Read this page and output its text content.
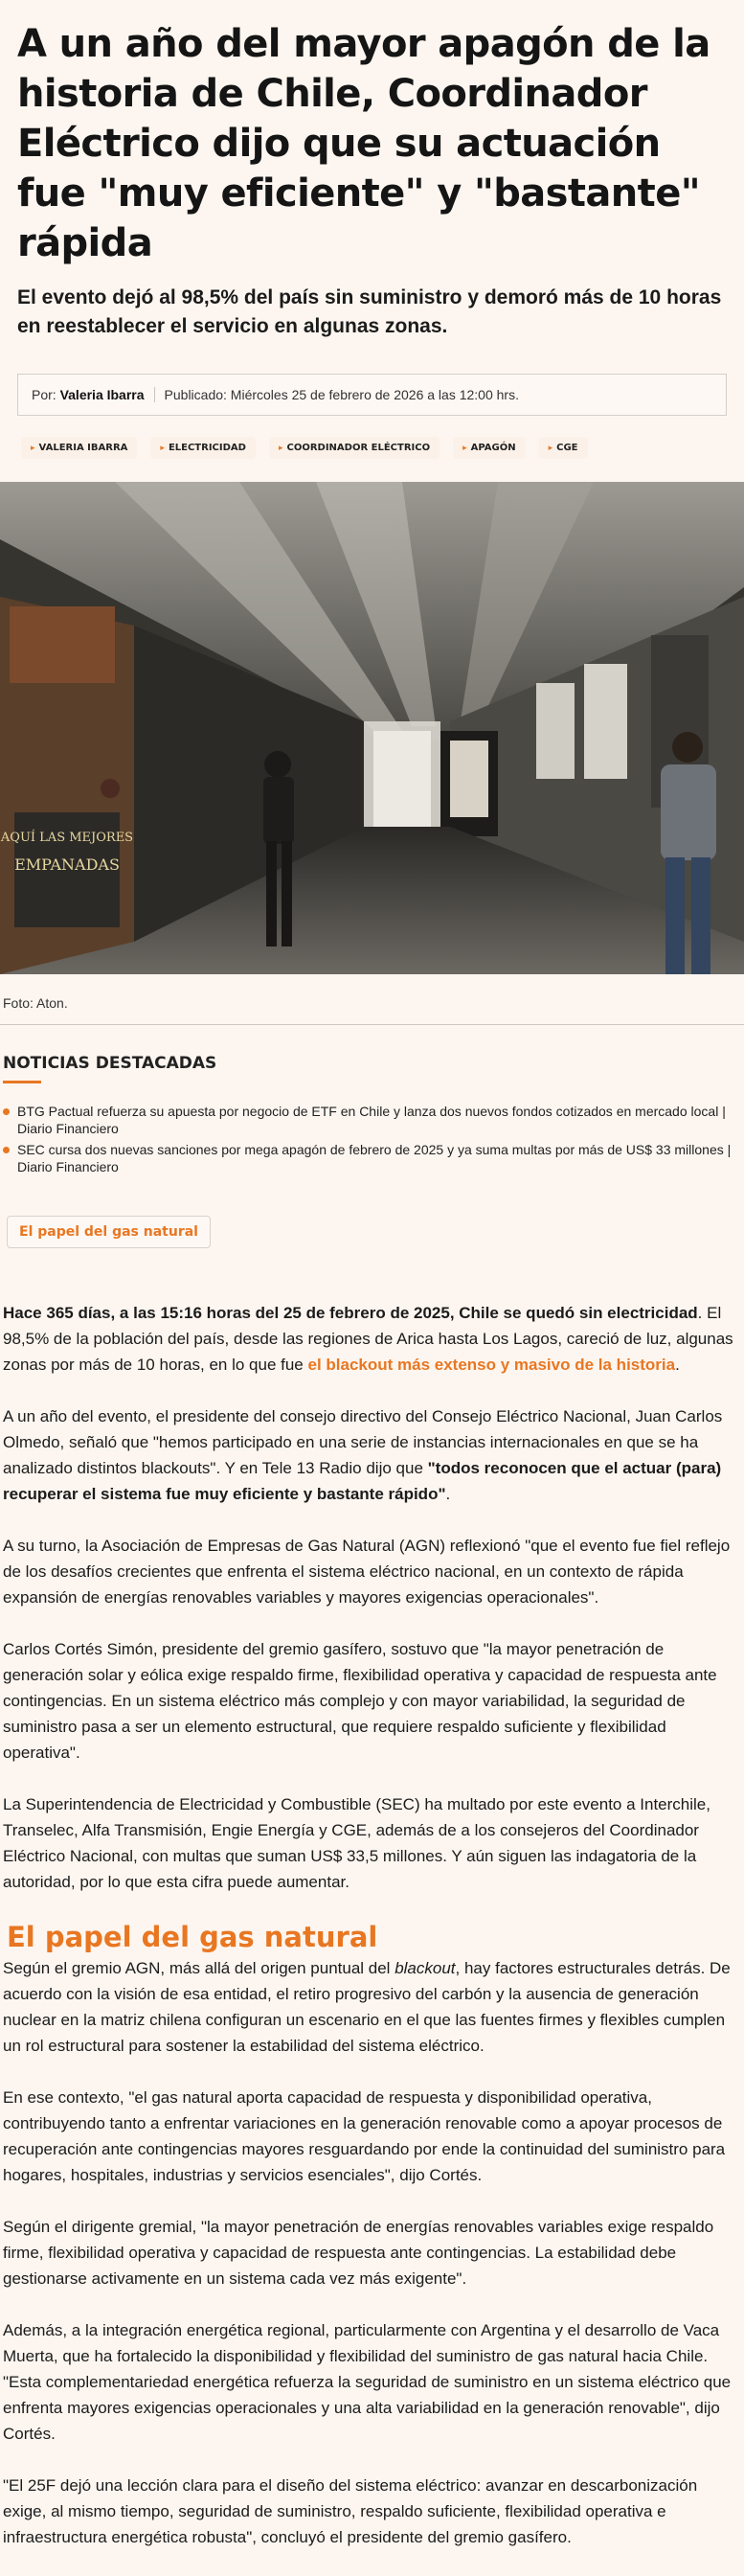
A un año del mayor apagón de la historia de Chile, Coordinador Eléctrico dijo que su actuación fue "muy eficiente" y "bastante" rápida

El evento dejó al 98,5% del país sin suministro y demoró más de 10 horas en reestablecer el servicio en algunas zonas.

Por:
Valeria Ibarra Publicado: Miércoles 25 de febrero de 2026 a las 12:00 hrs.
▸ VALERIA IBARRA	▸ ELECTRICIDAD	▸ COORDINADOR ELÉCTRICO	▸ APAGÓN	▸ CGE
AQUÍ LAS MEJORES
EMPANADAS

Foto: Aton.

NOTICIAS DESTACADAS
BTG Pactual refuerza su apuesta por negocio de ETF en Chile y lanza dos nuevos fondos cotizados en mercado local | Diario Financiero
SEC cursa dos nuevas sanciones por mega apagón de febrero de 2025 y ya suma multas por más de US$ 33 millones | Diario Financiero
El papel del gas natural

Hace 365 días, a las 15:16 horas del 25 de febrero de 2025, Chile se quedó sin electricidad. El 98,5% de la población del país, desde las regiones de Arica hasta Los Lagos, careció de luz, algunas zonas por más de 10 horas, en lo que fue el blackout más extenso y masivo de la historia.

A un año del evento, el presidente del consejo directivo del Consejo Eléctrico Nacional, Juan Carlos Olmedo, señaló que "hemos participado en una serie de instancias internacionales en que se ha analizado distintos blackouts". Y en Tele 13 Radio dijo que "todos reconocen que el actuar (para) recuperar el sistema fue muy eficiente y bastante rápido".

A su turno, la Asociación de Empresas de Gas Natural (AGN) reflexionó "que el evento fue fiel reflejo de los desafíos crecientes que enfrenta el sistema eléctrico nacional, en un contexto de rápida expansión de energías renovables variables y mayores exigencias operacionales".

Carlos Cortés Simón, presidente del gremio gasífero, sostuvo que "la mayor penetración de generación solar y eólica exige respaldo firme, flexibilidad operativa y capacidad de respuesta ante contingencias. En un sistema eléctrico más complejo y con mayor variabilidad, la seguridad de suministro pasa a ser un elemento estructural, que requiere respaldo suficiente y flexibilidad operativa".

La Superintendencia de Electricidad y Combustible (SEC) ha multado por este evento a Interchile, Transelec, Alfa Transmisión, Engie Energía y CGE, además de a los consejeros del Coordinador Eléctrico Nacional, con multas que suman US$ 33,5 millones. Y aún siguen las indagatoria de la autoridad, por lo que esta cifra puede aumentar.

El papel del gas natural

Según el gremio AGN, más allá del origen puntual del blackout, hay factores estructurales detrás. De acuerdo con la visión de esa entidad, el retiro progresivo del carbón y la ausencia de generación nuclear en la matriz chilena configuran un escenario en el que las fuentes firmes y flexibles cumplen un rol estructural para sostener la estabilidad del sistema eléctrico.

En ese contexto, "el gas natural aporta capacidad de respuesta y disponibilidad operativa, contribuyendo tanto a enfrentar variaciones en la generación renovable como a apoyar procesos de recuperación ante contingencias mayores resguardando por ende la continuidad del suministro para hogares, hospitales, industrias y servicios esenciales", dijo Cortés.

Según el dirigente gremial, "la mayor penetración de energías renovables variables exige respaldo firme, flexibilidad operativa y capacidad de respuesta ante contingencias. La estabilidad debe gestionarse activamente en un sistema cada vez más exigente".

Además, a la integración energética regional, particularmente con Argentina y el desarrollo de Vaca Muerta, que ha fortalecido la disponibilidad y flexibilidad del suministro de gas natural hacia Chile. "Esta complementariedad energética refuerza la seguridad de suministro en un sistema eléctrico que enfrenta mayores exigencias operacionales y una alta variabilidad en la generación renovable", dijo Cortés.

"El 25F dejó una lección clara para el diseño del sistema eléctrico: avanzar en descarbonización exige, al mismo tiempo, seguridad de suministro, respaldo suficiente, flexibilidad operativa e infraestructura energética robusta", concluyó el presidente del gremio gasífero.
